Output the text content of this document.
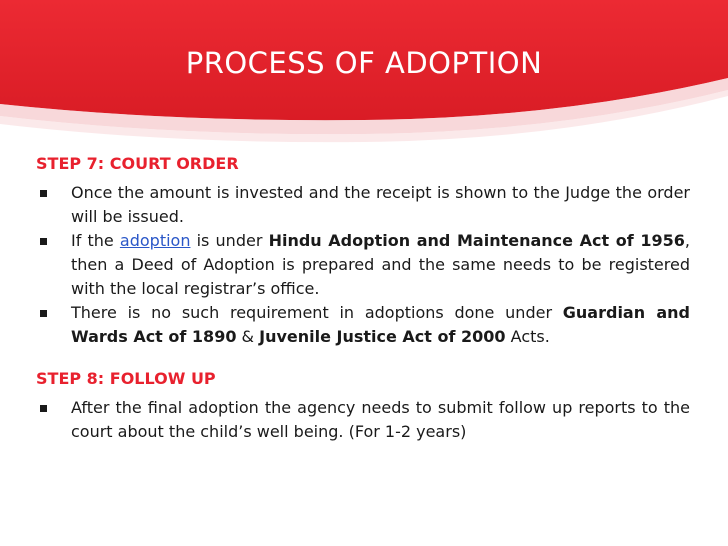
PROCESS OF ADOPTION

STEP 7: COURT ORDER

Once the amount is invested and the receipt is shown to the Judge the order will be issued.
If the adoption is under Hindu Adoption and Maintenance Act of 1956, then a Deed of Adoption is prepared and the same needs to be registered with the local registrar’s office.
There is no such requirement in adoptions done under Guardian and Wards Act of 1890 & Juvenile Justice Act of 2000 Acts.

STEP 8: FOLLOW UP

After the final adoption the agency needs to submit follow up reports to the court about the child’s well being. (For 1-2 years)
